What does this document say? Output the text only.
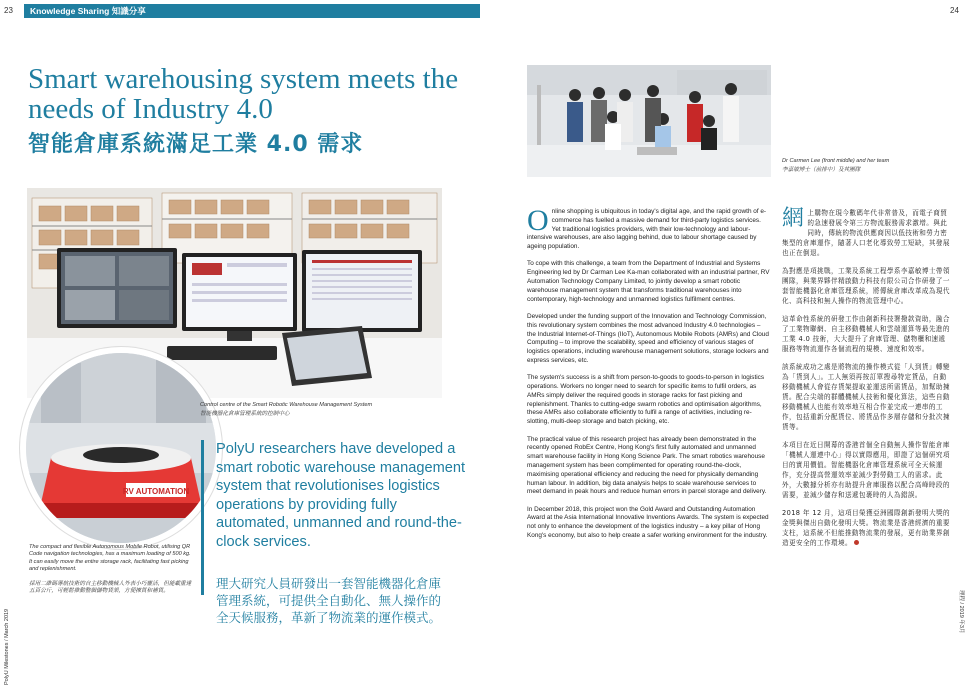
23	24
Knowledge Sharing 知識分享
Smart warehousing system meets the needs of Industry 4.0
智能倉庫系統滿足工業 4.0 需求
RV AUTOMATION
The compact and flexible Autonomous Mobile Robot, utilising QR Code navigation technologies, has a maximum loading of 500 kg. It can easily move the entire storage rack, facilitating fast picking and replenishment.
採用二維碼導航技術的自主移動機械人外表小巧靈活，但能載重達五百公斤，可輕鬆推動整個儲物貨架，方便揀貨和補貨。
Control centre of the Smart Robotic Warehouse Management System
智能機器化倉庫管理系統的控制中心
PolyU researchers have developed a smart robotic warehouse management system that revolutionises logistics operations by providing fully automated, unmanned and round-the-clock services.
理大研究人員研發出一套智能機器化倉庫管理系統，可提供全自動化、無人操作的全天候服務，革新了物流業的運作模式。
PolyU Milestones / March 2019	理程 / 2019 年3月
Dr Carmen Lee (front middle) and her team
李嘉敏博士（前排中）及其團隊

Online shopping is ubiquitous in today's digital age, and the rapid growth of e-commerce has fuelled a massive demand for third-party logistics services. Yet traditional logistics providers, with their low-technology and labour-intensive warehouses, are also lagging behind, due to labour shortage caused by ageing population.

To cope with this challenge, a team from the Department of Industrial and Systems Engineering led by Dr Carman Lee Ka-man collaborated with an industrial partner, RV Automation Technology Company Limited, to jointly develop a smart robotic warehouse management system that transforms traditional warehouses into contemporary, high-technology and unmanned logistics fulfilment centres.

Developed under the funding support of the Innovation and Technology Commission, this revolutionary system combines the most advanced Industry 4.0 technologies – the Industrial Internet-of-Things (IIoT), Autonomous Mobile Robots (AMRs) and Cloud Computing – to improve the scalability, speed and efficiency of various stages of logistics operations, including warehouse management solutions, storage lockers and express services, etc.

The system's success is a shift from person-to-goods to goods-to-person in logistics operations. Workers no longer need to search for specific items to fulfil orders, as AMRs simply deliver the required goods in storage racks for fast picking and replenishment. Thanks to cutting-edge swarm robotics and optimisation algorithms, these AMRs also collaborate efficiently to fulfil a range of activities, including re-slotting, multi-deep storage and batch picking, etc.

The practical value of this research project has already been demonstrated in the recently opened RobEx Centre, Hong Kong's first fully automated and unmanned smart warehouse facility in Hong Kong Science Park. The smart robotics warehouse management system has been complimented for operating round-the-clock, maximising operational efficiency and reducing the need for physically demanding human labour. In addition, big data analysis helps to scale warehouse services to meet demand in peak hours and reduce human errors in parcel storage and delivery.

In December 2018, this project won the Gold Award and Outstanding Automation Award at the Asia International Innovative Inventions Awards. The system is expected not only to enhance the development of the logistics industry – a key pillar of Hong Kong's economy, but also to help create a safer working environment for the industry.

網上購物在現今數碼年代非常普及，而電子商貿的急速發展令第三方物流服務需求激增。與此同時，傳統的物流供應商因以低技術和勞力密集型的倉庫運作，隨著人口老化導致勞工短缺，其發展也正在倒退。

為對應是項挑戰，工業及系統工程學系李嘉敏博士帶領團隊，與業界夥伴精啟動力科技有限公司合作研發了一套智能機器化倉庫管理系統，將傳統倉庫改革成為現代化、高科技和無人操作的物流管理中心。

這革命性系統的研發工作由創新科技署撥款資助，融合了工業物聯網、自主移動機械人和雲端運算等最先進的工業 4.0 技術，大大提升了倉庫管理、儲物櫃和速遞服務等物流運作各個流程的規模、速度和效率。

該系統成功之處是將物流的操作模式從「人到貨」轉變為「貨到人」。工人無須再按訂單搜尋特定貨品，自動移動機械人會從存貨架提取並運送所需貨品，加幫助揀貨。配合尖端的群體機械人技術和優化算法，這些自動移動機械人也能有效率地互相合作並完成一連串的工作，包括重新分配貨位、將貨品作多層存儲和分批次揀貨等。

本項目在近日開幕的香港首個全自動無人操作智能倉庫「機械人運連中心」得以實際應用，即證了這個研究項目的實用價值。智能機器化倉庫管理系統可全天候運作，充分提高營運效率並減少對勞動工人的需求。此外，大數據分析亦有助提升倉庫服務以配合高峰時段的需要，並減少儲存和送遞包裹時的人為錯誤。

2018 年 12 月，這項目榮獲亞洲國際創新發明大獎的金獎與傑出自動化發明大獎。物流業是香港經濟的重要支柱，這系統不但能推動物流業的發展，更有助業界創造更安全的工作環境。
